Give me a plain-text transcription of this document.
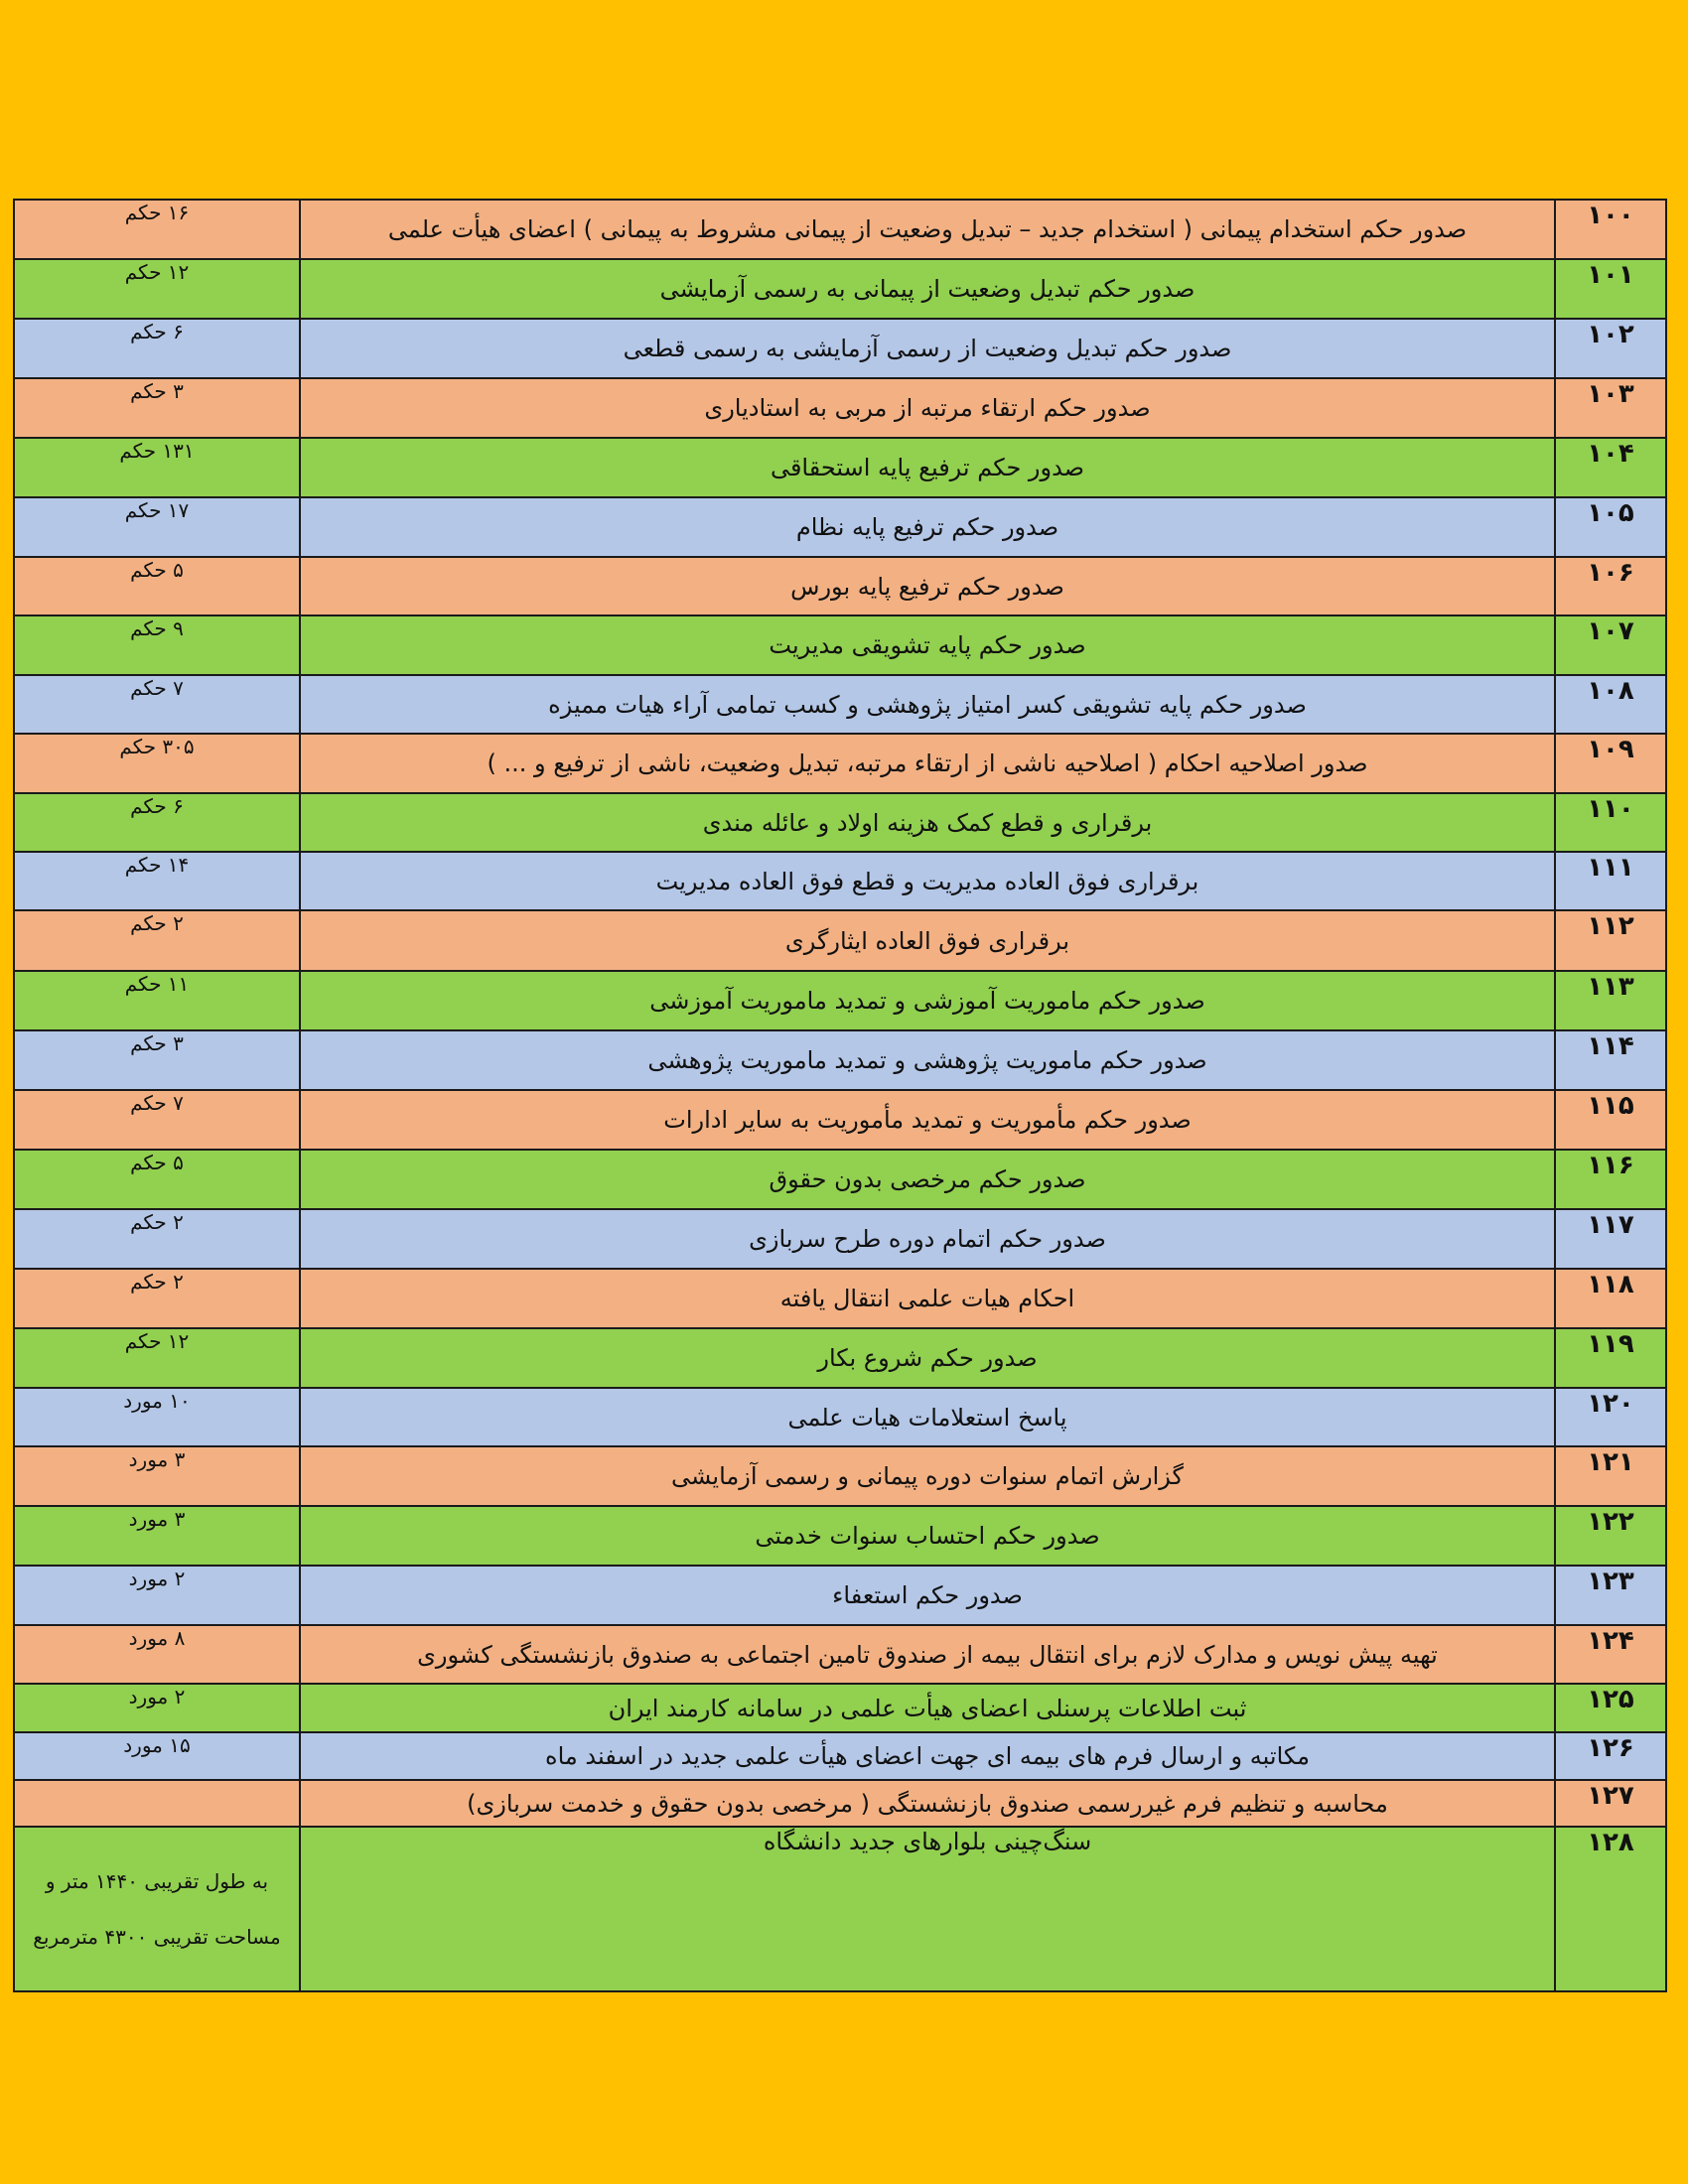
۱۰۰	صدور حکم استخدام پیمانی ( استخدام جدید – تبدیل وضعیت از پیمانی مشروط به پیمانی ) اعضای هیأت علمی	۱۶ حکم
۱۰۱	صدور حکم تبدیل وضعیت از پیمانی به رسمی آزمایشی	۱۲ حکم
۱۰۲	صدور حکم تبدیل وضعیت از رسمی آزمایشی به رسمی قطعی	۶ حکم
۱۰۳	صدور حکم ارتقاء مرتبه از مربی به استادیاری	۳ حکم
۱۰۴	صدور حکم ترفیع پایه استحقاقی	۱۳۱ حکم
۱۰۵	صدور حکم ترفیع پایه نظام	۱۷ حکم
۱۰۶	صدور حکم ترفیع پایه بورس	۵ حکم
۱۰۷	صدور حکم پایه تشویقی مدیریت	۹ حکم
۱۰۸	صدور حکم پایه تشویقی کسر امتیاز پژوهشی و کسب تمامی آراء هیات ممیزه	۷ حکم
۱۰۹	صدور اصلاحیه احکام ( اصلاحیه ناشی از ارتقاء مرتبه، تبدیل وضعیت، ناشی از ترفیع و ... )	۳۰۵ حکم
۱۱۰	برقراری و قطع کمک هزینه اولاد و عائله مندی	۶ حکم
۱۱۱	برقراری فوق العاده مدیریت و قطع فوق العاده مدیریت	۱۴ حکم
۱۱۲	برقراری فوق العاده ایثارگری	۲ حکم
۱۱۳	صدور حکم ماموریت آموزشی و تمدید ماموریت آموزشی	۱۱ حکم
۱۱۴	صدور حکم ماموریت پژوهشی و تمدید ماموریت پژوهشی	۳ حکم
۱۱۵	صدور حکم مأموریت و تمدید مأموریت به سایر ادارات	۷ حکم
۱۱۶	صدور حکم مرخصی بدون حقوق	۵ حکم
۱۱۷	صدور حکم اتمام دوره طرح سربازی	۲ حکم
۱۱۸	احکام هیات علمی انتقال یافته	۲ حکم
۱۱۹	صدور حکم شروع بکار	۱۲ حکم
۱۲۰	پاسخ استعلامات هیات علمی	۱۰ مورد
۱۲۱	گزارش اتمام سنوات دوره پیمانی و رسمی آزمایشی	۳ مورد
۱۲۲	صدور حکم احتساب سنوات خدمتی	۳ مورد
۱۲۳	صدور حکم استعفاء	۲ مورد
۱۲۴	تهیه پیش نویس و مدارک لازم برای انتقال بیمه از صندوق تامین اجتماعی به صندوق بازنشستگی کشوری	۸ مورد
۱۲۵	ثبت اطلاعات پرسنلی اعضای هیأت علمی در سامانه کارمند ایران	۲ مورد
۱۲۶	مکاتبه و ارسال فرم های بیمه ای جهت اعضای هیأت علمی جدید در اسفند ماه	۱۵ مورد
۱۲۷	محاسبه و تنظیم فرم غیررسمی صندوق بازنشستگی ( مرخصی بدون حقوق و خدمت سربازی)	
۱۲۸	سنگ‌چینی بلوارهای جدید دانشگاه	به طول تقریبی ۱۴۴۰ متر و مساحت تقریبی ۴۳۰۰ مترمربع
